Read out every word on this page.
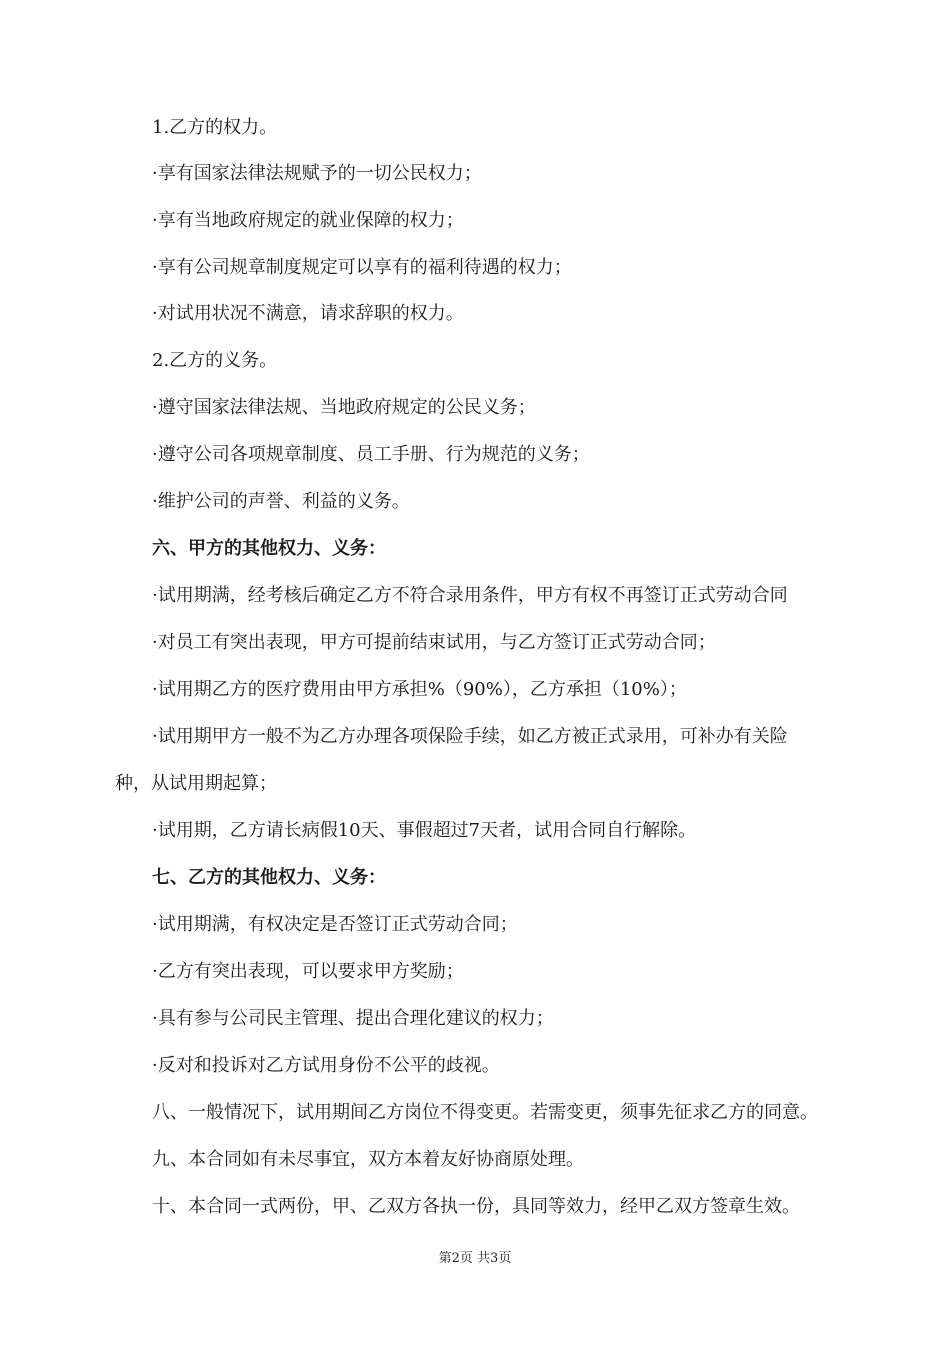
1.乙方的权力。

·享有国家法律法规赋予的一切公民权力；

·享有当地政府规定的就业保障的权力；

·享有公司规章制度规定可以享有的福利待遇的权力；

·对试用状况不满意，请求辞职的权力。

2.乙方的义务。

·遵守国家法律法规、当地政府规定的公民义务；

·遵守公司各项规章制度、员工手册、行为规范的义务；

·维护公司的声誉、利益的义务。

六、甲方的其他权力、义务：

·试用期满，经考核后确定乙方不符合录用条件，甲方有权不再签订正式劳动合同

·对员工有突出表现，甲方可提前结束试用，与乙方签订正式劳动合同；

·试用期乙方的医疗费用由甲方承担%（90%），乙方承担（10%）；

·试用期甲方一般不为乙方办理各项保险手续，如乙方被正式录用，可补办有关险

种，从试用期起算；

·试用期，乙方请长病假10天、事假超过7天者，试用合同自行解除。

七、乙方的其他权力、义务：

·试用期满，有权决定是否签订正式劳动合同；

·乙方有突出表现，可以要求甲方奖励；

·具有参与公司民主管理、提出合理化建议的权力；

·反对和投诉对乙方试用身份不公平的歧视。

八、一般情况下，试用期间乙方岗位不得变更。若需变更，须事先征求乙方的同意。

九、本合同如有未尽事宜，双方本着友好协商原处理。

十、本合同一式两份，甲、乙双方各执一份，具同等效力，经甲乙双方签章生效。

第2页 共3页
